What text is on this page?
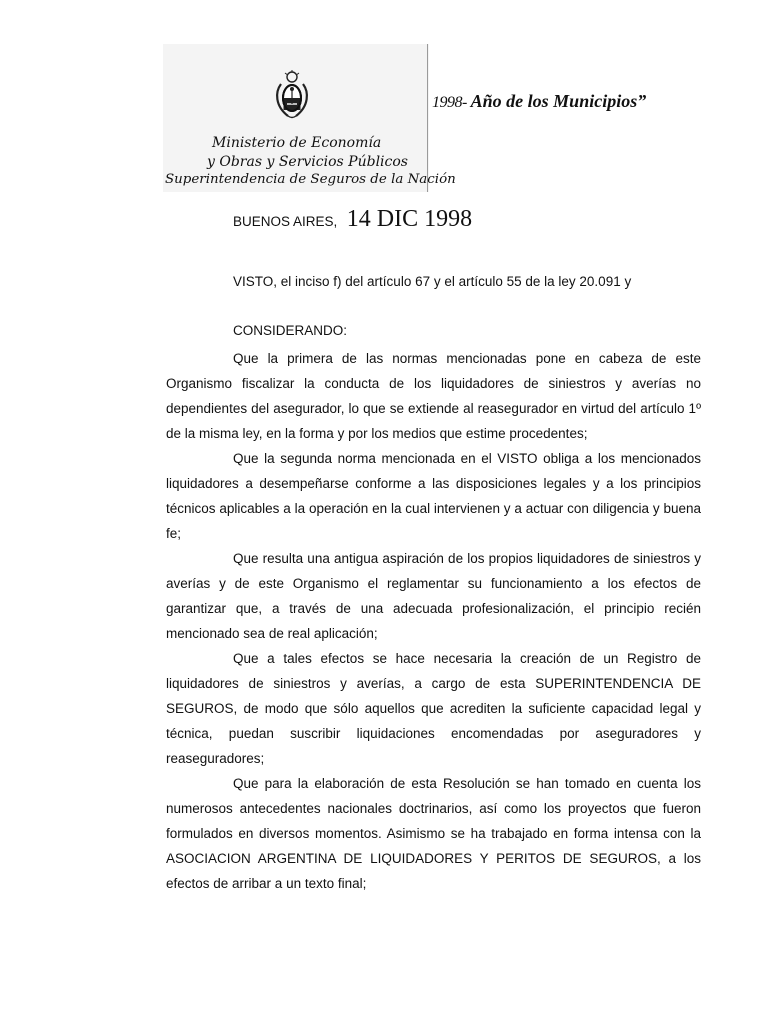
Ministerio de Economía
y Obras y Servicios Públicos
Superintendencia de Seguros de la Nación
1998- Año de los Municipios”
BUENOS AIRES, 14 DIC 1998
VISTO, el inciso f) del artículo 67 y el artículo 55 de la ley 20.091 y
CONSIDERANDO:

Que la primera de las normas mencionadas pone en cabeza de este Organismo fiscalizar la conducta de los liquidadores de siniestros y averías no dependientes del asegurador, lo que se extiende al reasegurador en virtud del artículo 1º de la misma ley, en la forma y por los medios que estime procedentes;

Que la segunda norma mencionada en el VISTO obliga a los mencionados liquidadores a desempeñarse conforme a las disposiciones legales y a los principios técnicos aplicables a la operación en la cual intervienen y a actuar con diligencia y buena fe;

Que resulta una antigua aspiración de los propios liquidadores de siniestros y averías y de este Organismo el reglamentar su funcionamiento a los efectos de garantizar que, a través de una adecuada profesionalización, el principio recién mencionado sea de real aplicación;

Que a tales efectos se hace necesaria la creación de un Registro de liquidadores de siniestros y averías, a cargo de esta SUPERINTENDENCIA DE SEGUROS, de modo que sólo aquellos que acrediten la suficiente capacidad legal y técnica, puedan suscribir liquidaciones encomendadas por aseguradores y reaseguradores;

Que para la elaboración de esta Resolución se han tomado en cuenta los numerosos antecedentes nacionales doctrinarios, así como los proyectos que fueron formulados en diversos momentos. Asimismo se ha trabajado en forma intensa con la ASOCIACION ARGENTINA DE LIQUIDADORES Y PERITOS DE SEGUROS, a los efectos de arribar a un texto final;
